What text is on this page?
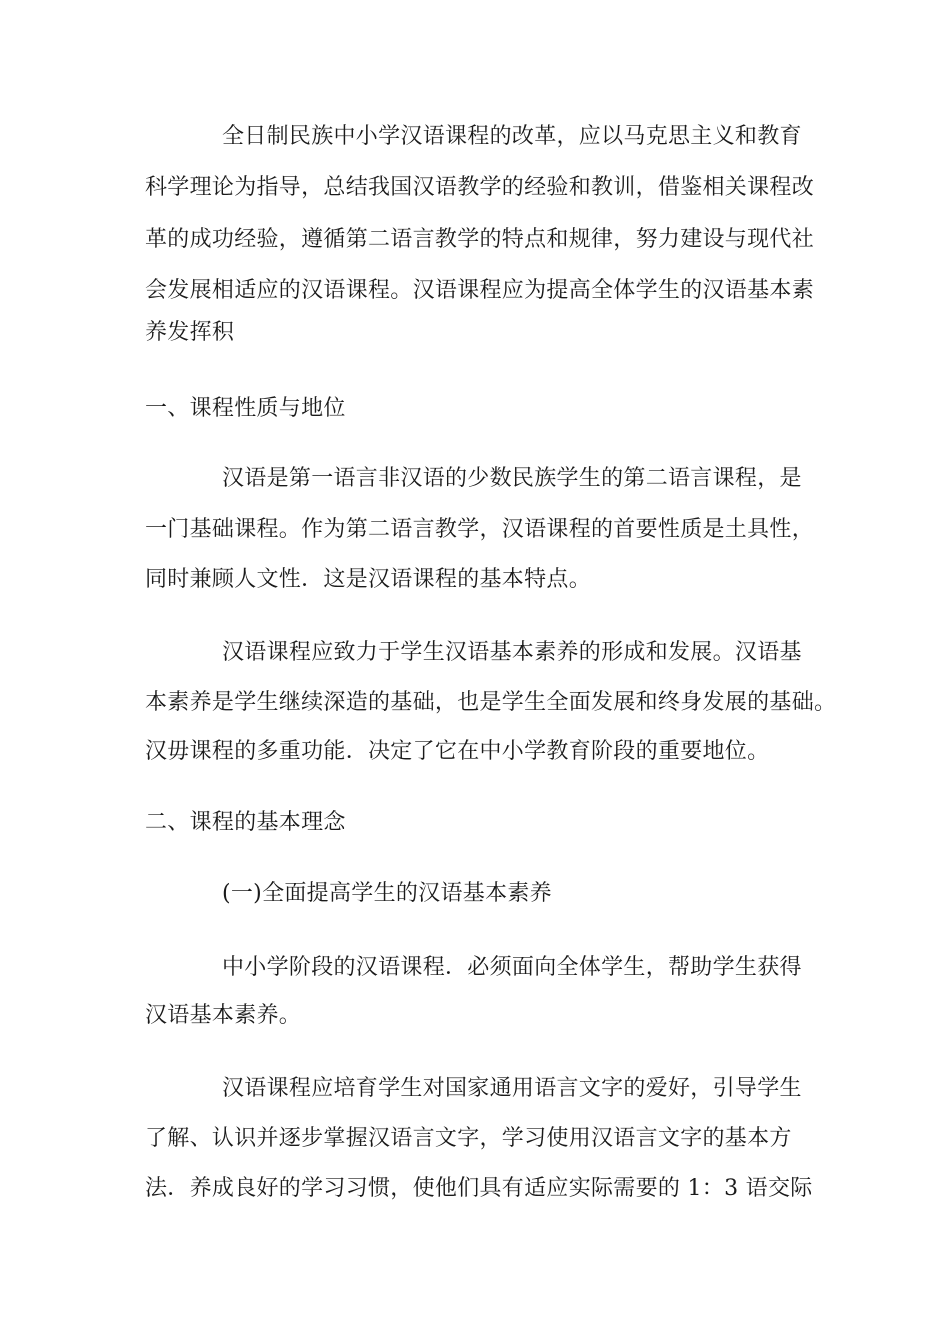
全日制民族中小学汉语课程的改革，应以马克思主义和教育
科学理论为指导，总结我国汉语教学的经验和教训，借鉴相关课程改
革的成功经验，遵循第二语言教学的特点和规律，努力建设与现代社
会发展相适应的汉语课程。汉语课程应为提高全体学生的汉语基本素
养发挥积
一、课程性质与地位
汉语是第一语言非汉语的少数民族学生的第二语言课程，是
一门基础课程。作为第二语言教学，汉语课程的首要性质是土具性，
同时兼顾人文性．这是汉语课程的基本特点。
汉语课程应致力于学生汉语基本素养的形成和发展。汉语基
本素养是学生继续深造的基础，也是学生全面发展和终身发展的基础。
汉毋课程的多重功能．决定了它在中小学教育阶段的重要地位。
二、课程的基本理念
(一)全面提高学生的汉语基本素养
中小学阶段的汉语课程．必须面向全体学生，帮助学生获得
汉语基本素养。
汉语课程应培育学生对国家通用语言文字的爱好，引导学生
了解、认识并逐步掌握汉语言文字，学习使用汉语言文字的基本方
法．养成良好的学习习惯，使他们具有适应实际需要的 1：3 语交际
